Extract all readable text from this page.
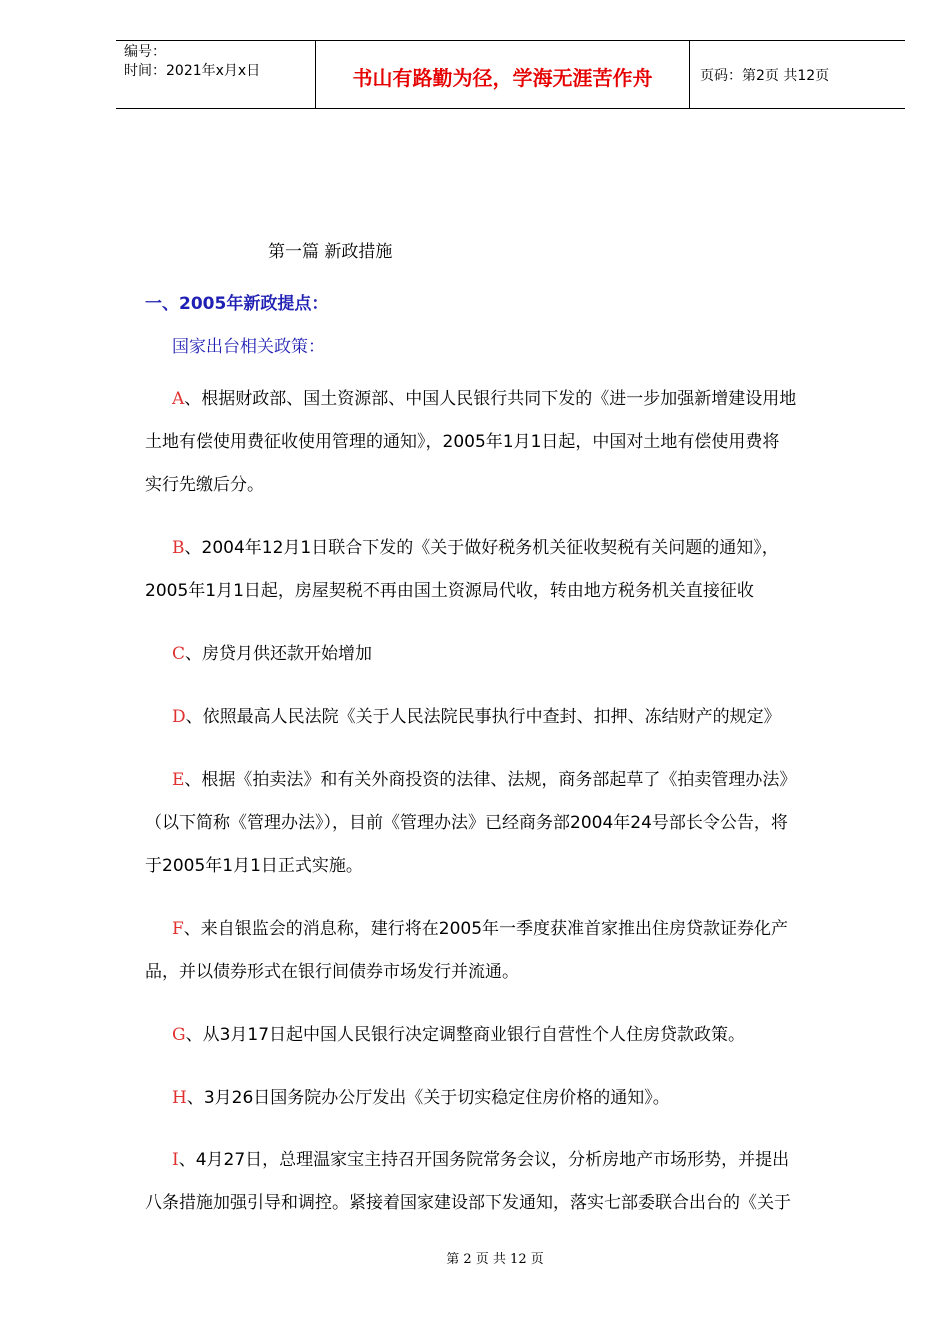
编号：
时间：2021年x月x日	书山有路勤为径，学海无涯苦作舟	页码：第2页 共12页
第一篇 新政措施
一、2005年新政提点：
国家出台相关政策：
A、根据财政部、国土资源部、中国人民银行共同下发的《进一步加强新增建设用地
土地有偿使用费征收使用管理的通知》，2005年1月1日起，中国对土地有偿使用费将
实行先缴后分。
B、2004年12月1日联合下发的《关于做好税务机关征收契税有关问题的通知》，
2005年1月1日起，房屋契税不再由国土资源局代收，转由地方税务机关直接征收
C、房贷月供还款开始增加
D、依照最高人民法院《关于人民法院民事执行中查封、扣押、冻结财产的规定》
E、根据《拍卖法》和有关外商投资的法律、法规，商务部起草了《拍卖管理办法》
（以下简称《管理办法》），目前《管理办法》已经商务部2004年24号部长令公告，将
于2005年1月1日正式实施。
F、来自银监会的消息称，建行将在2005年一季度获准首家推出住房贷款证券化产
品，并以债券形式在银行间债券市场发行并流通。
G、从3月17日起中国人民银行决定调整商业银行自营性个人住房贷款政策。
H、3月26日国务院办公厅发出《关于切实稳定住房价格的通知》。
I、4月27日，总理温家宝主持召开国务院常务会议，分析房地产市场形势，并提出
八条措施加强引导和调控。紧接着国家建设部下发通知，落实七部委联合出台的《关于
第 2 页 共 12 页
